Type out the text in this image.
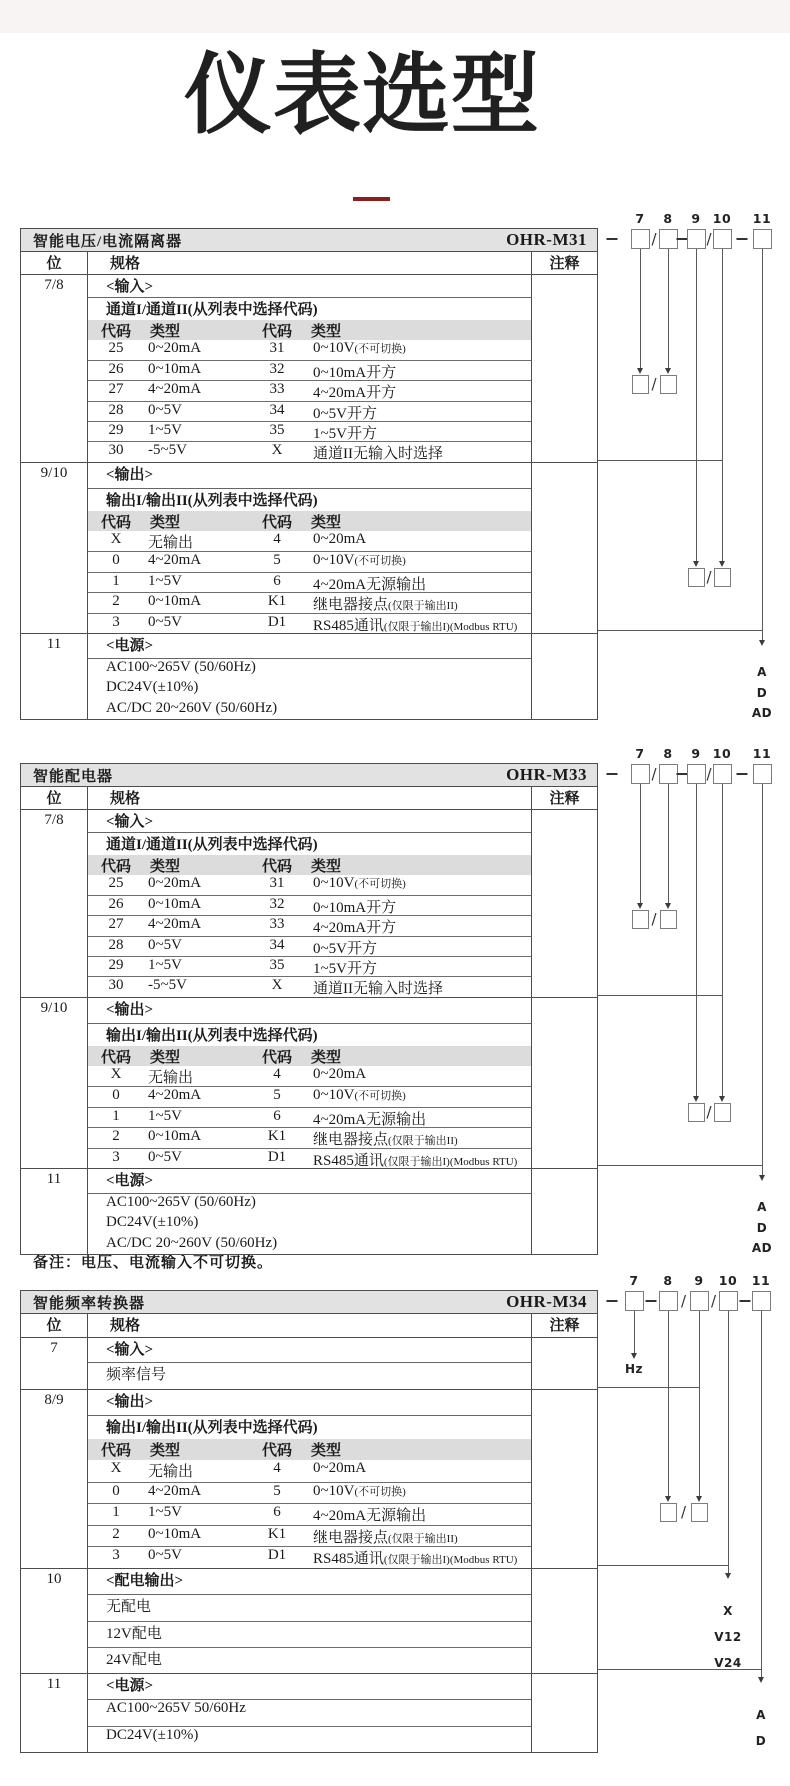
仪表选型
备注：电压、电流输入不可切换。
智能电压/电流隔离器	OHR-M31
位	规格	注释
7/8	<输入>
通道I/通道II(从列表中选择代码)
代码	类型	代码	类型
25	0~20mA	31	0~10V(不可切换)
26	0~10mA	32	0~10mA开方
27	4~20mA	33	4~20mA开方
28	0~5V	34	0~5V开方
29	1~5V	35	1~5V开方
30	-5~5V	X	通道II无输入时选择
9/10	<输出>
输出I/输出II(从列表中选择代码)
代码	类型	代码	类型
X	无输出	4	0~20mA
0	4~20mA	5	0~10V(不可切换)
1	1~5V	6	4~20mA无源输出
2	0~10mA	K1	继电器接点(仅限于输出II)
3	0~5V	D1	RS485通讯(仅限于输出I)(Modbus RTU)
11	<电源>
AC100~265V (50/60Hz)
DC24V(±10%)
AC/DC 20~260V (50/60Hz)
智能配电器	OHR-M33
位	规格	注释
7/8	<输入>
通道I/通道II(从列表中选择代码)
代码	类型	代码	类型
25	0~20mA	31	0~10V(不可切换)
26	0~10mA	32	0~10mA开方
27	4~20mA	33	4~20mA开方
28	0~5V	34	0~5V开方
29	1~5V	35	1~5V开方
30	-5~5V	X	通道II无输入时选择
9/10	<输出>
输出I/输出II(从列表中选择代码)
代码	类型	代码	类型
X	无输出	4	0~20mA
0	4~20mA	5	0~10V(不可切换)
1	1~5V	6	4~20mA无源输出
2	0~10mA	K1	继电器接点(仅限于输出II)
3	0~5V	D1	RS485通讯(仅限于输出I)(Modbus RTU)
11	<电源>
AC100~265V (50/60Hz)
DC24V(±10%)
AC/DC 20~260V (50/60Hz)
智能频率转换器	OHR-M34
位	规格	注释
7	<输入>
频率信号
8/9	<输出>
输出I/输出II(从列表中选择代码)
代码	类型	代码	类型
X	无输出	4	0~20mA
0	4~20mA	5	0~10V(不可切换)
1	1~5V	6	4~20mA无源输出
2	0~10mA	K1	继电器接点(仅限于输出II)
3	0~5V	D1	RS485通讯(仅限于输出I)(Modbus RTU)
10	<配电输出>
无配电
12V配电
24V配电
11	<电源>
AC100~265V 50/60Hz
DC24V(±10%)
7 8 9 10 11
/	/
/
/
A
D
AD
7 8 9 10 11
/	/
/
/
A
D
AD
7 8 9 10 11
/ /
/
Hz
X
V12
V24
A
D
